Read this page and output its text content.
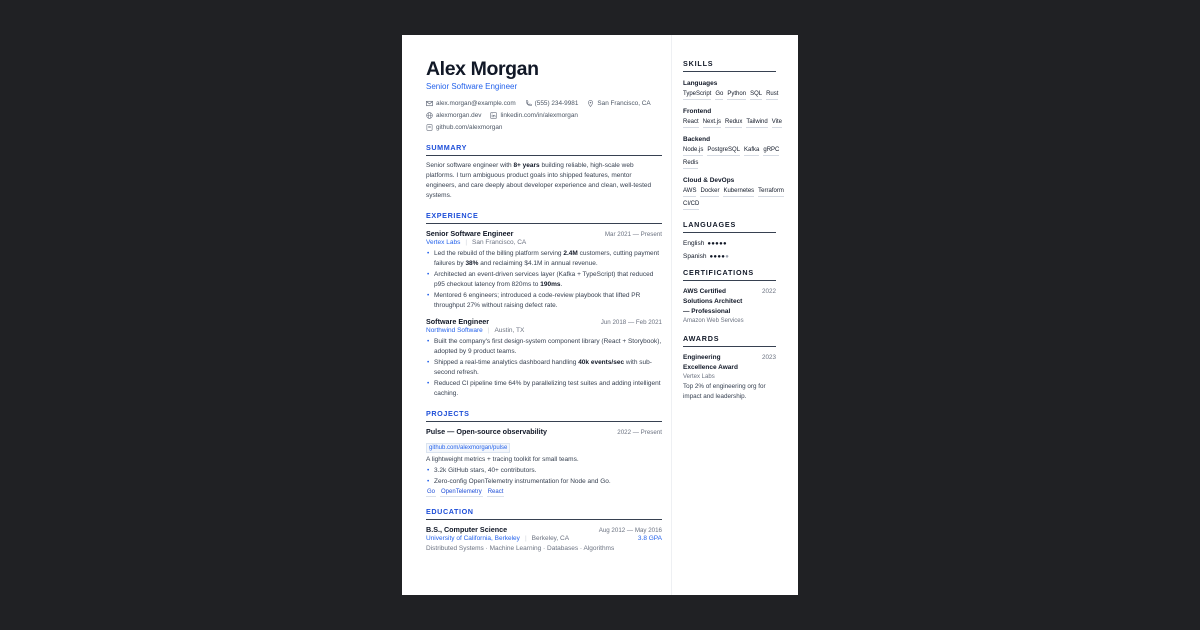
Alex Morgan
Senior Software Engineer
alex.morgan@example.com	(555) 234-9981	San Francisco, CA
alexmorgan.dev	linkedin.com/in/alexmorgan
github.com/alexmorgan
SUMMARY
Senior software engineer with 8+ years building reliable, high-scale web platforms. I turn ambiguous product goals into shipped features, mentor engineers, and care deeply about developer experience and clean, well-tested systems.
EXPERIENCE
Senior Software Engineer	Mar 2021 — Present
Vertex Labs | San Francisco, CA
• Led the rebuild of the billing platform serving 2.4M customers, cutting payment failures by 38% and reclaiming $4.1M in annual revenue.
• Architected an event-driven services layer (Kafka + TypeScript) that reduced p95 checkout latency from 820ms to 190ms.
• Mentored 6 engineers; introduced a code-review playbook that lifted PR throughput 27% without raising defect rate.
Software Engineer	Jun 2018 — Feb 2021
Northwind Software | Austin, TX
• Built the company's first design-system component library (React + Storybook), adopted by 9 product teams.
• Shipped a real-time analytics dashboard handling 40k events/sec with sub-second refresh.
• Reduced CI pipeline time 64% by parallelizing test suites and adding intelligent caching.
PROJECTS
Pulse — Open-source observability	2022 — Present
github.com/alexmorgan/pulse
A lightweight metrics + tracing toolkit for small teams.
• 3.2k GitHub stars, 40+ contributors.
• Zero-config OpenTelemetry instrumentation for Node and Go.
Go OpenTelemetry React
EDUCATION
B.S., Computer Science	Aug 2012 — May 2016
University of California, Berkeley | Berkeley, CA	3.8 GPA
Distributed Systems · Machine Learning · Databases · Algorithms
SKILLS
Languages
TypeScript Go Python SQL Rust
Frontend
React Next.js Redux Tailwind Vite
Backend
Node.js PostgreSQL Kafka gRPC
Redis
Cloud & DevOps
AWS Docker Kubernetes Terraform
CI/CD
LANGUAGES
English ●●●●●
Spanish ●●●●●
CERTIFICATIONS
AWS Certified Solutions Architect — Professional
2022
Amazon Web Services
AWARDS
Engineering Excellence Award
2023
Vertex Labs
Top 2% of engineering org for impact and leadership.
